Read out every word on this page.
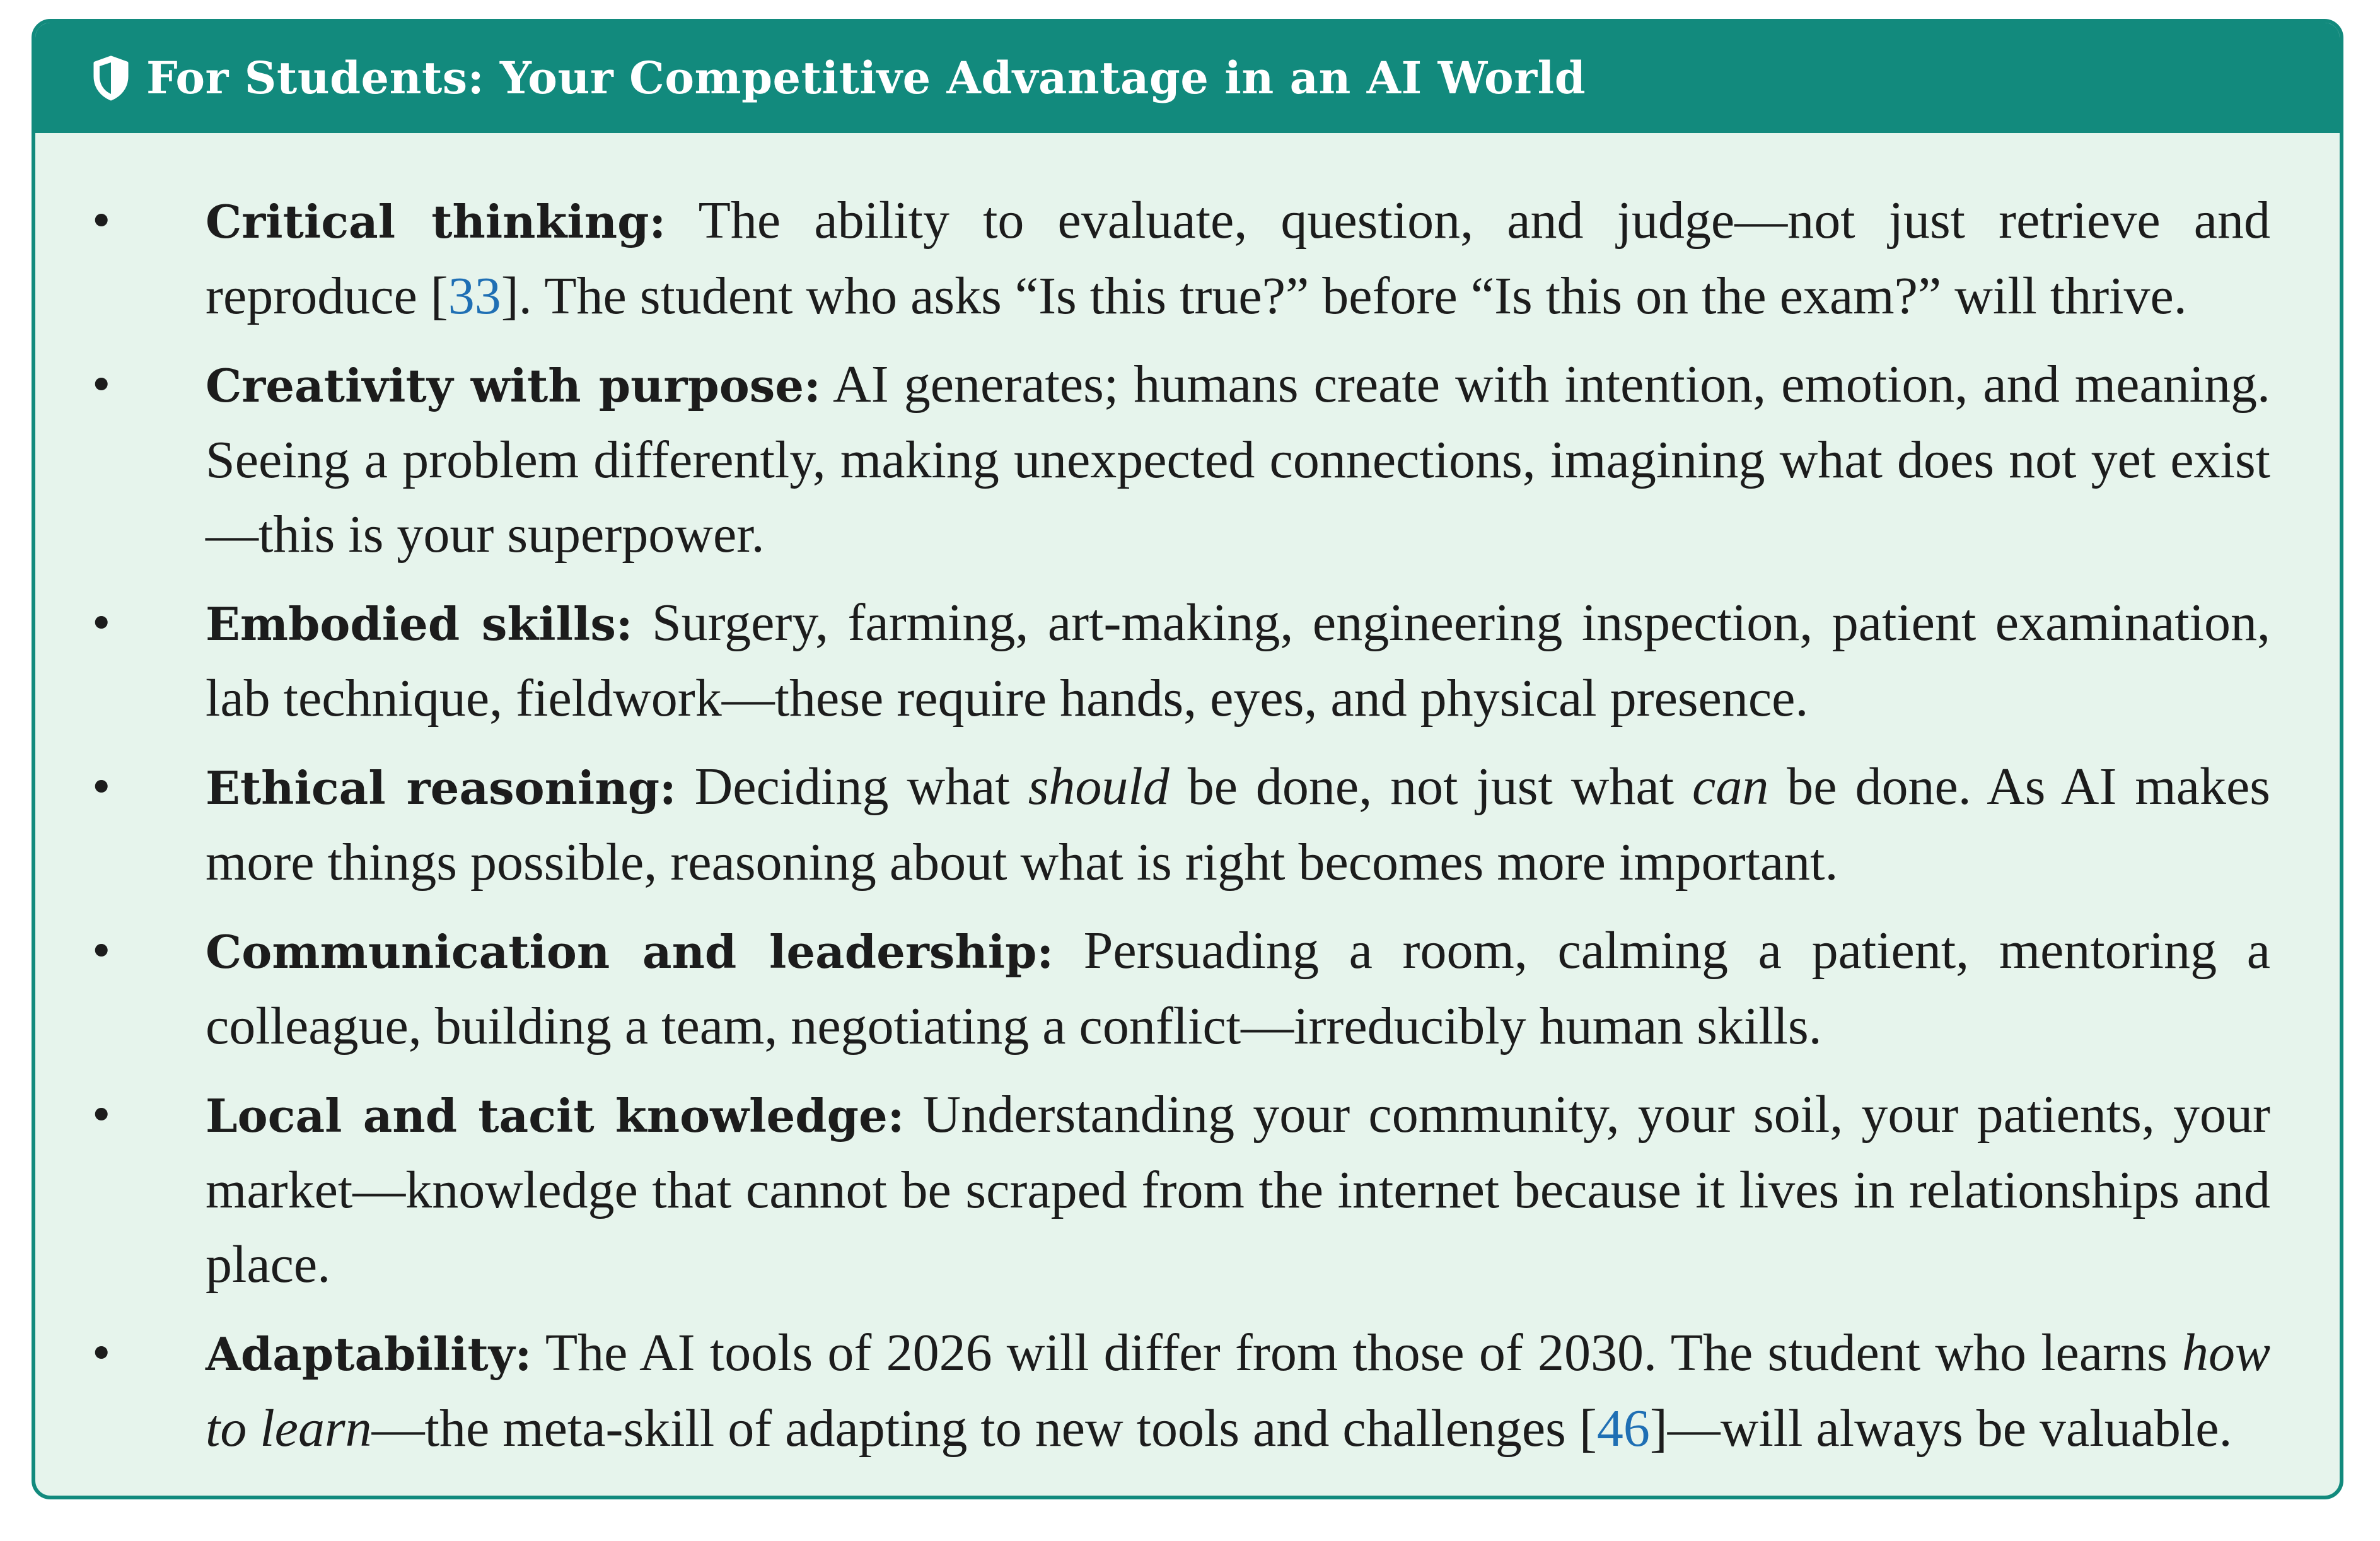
For Students: Your Competitive Advantage in an AI World
• Critical thinking: The ability to evaluate, question, and judge—not just retrieve and reproduce [33]. The student who asks “Is this true?” before “Is this on the exam?” will thrive.
• Creativity with purpose: AI generates; humans create with intention, emotion, and meaning. Seeing a problem differently, making unexpected connections, imagining what does not yet exist—this is your superpower.
• Embodied skills: Surgery, farming, art-making, engineering inspection, patient examination, lab technique, fieldwork—these require hands, eyes, and physical presence.
• Ethical reasoning: Deciding what should be done, not just what can be done. As AI makes more things possible, reasoning about what is right becomes more important.
• Communication and leadership: Persuading a room, calming a patient, mentoring a colleague, building a team, negotiating a conflict—irreducibly human skills.
• Local and tacit knowledge: Understanding your community, your soil, your patients, your market—knowledge that cannot be scraped from the internet because it lives in relationships and place.
• Adaptability: The AI tools of 2026 will differ from those of 2030. The student who learns how to learn—the meta-skill of adapting to new tools and challenges [46]—will always be valuable.
